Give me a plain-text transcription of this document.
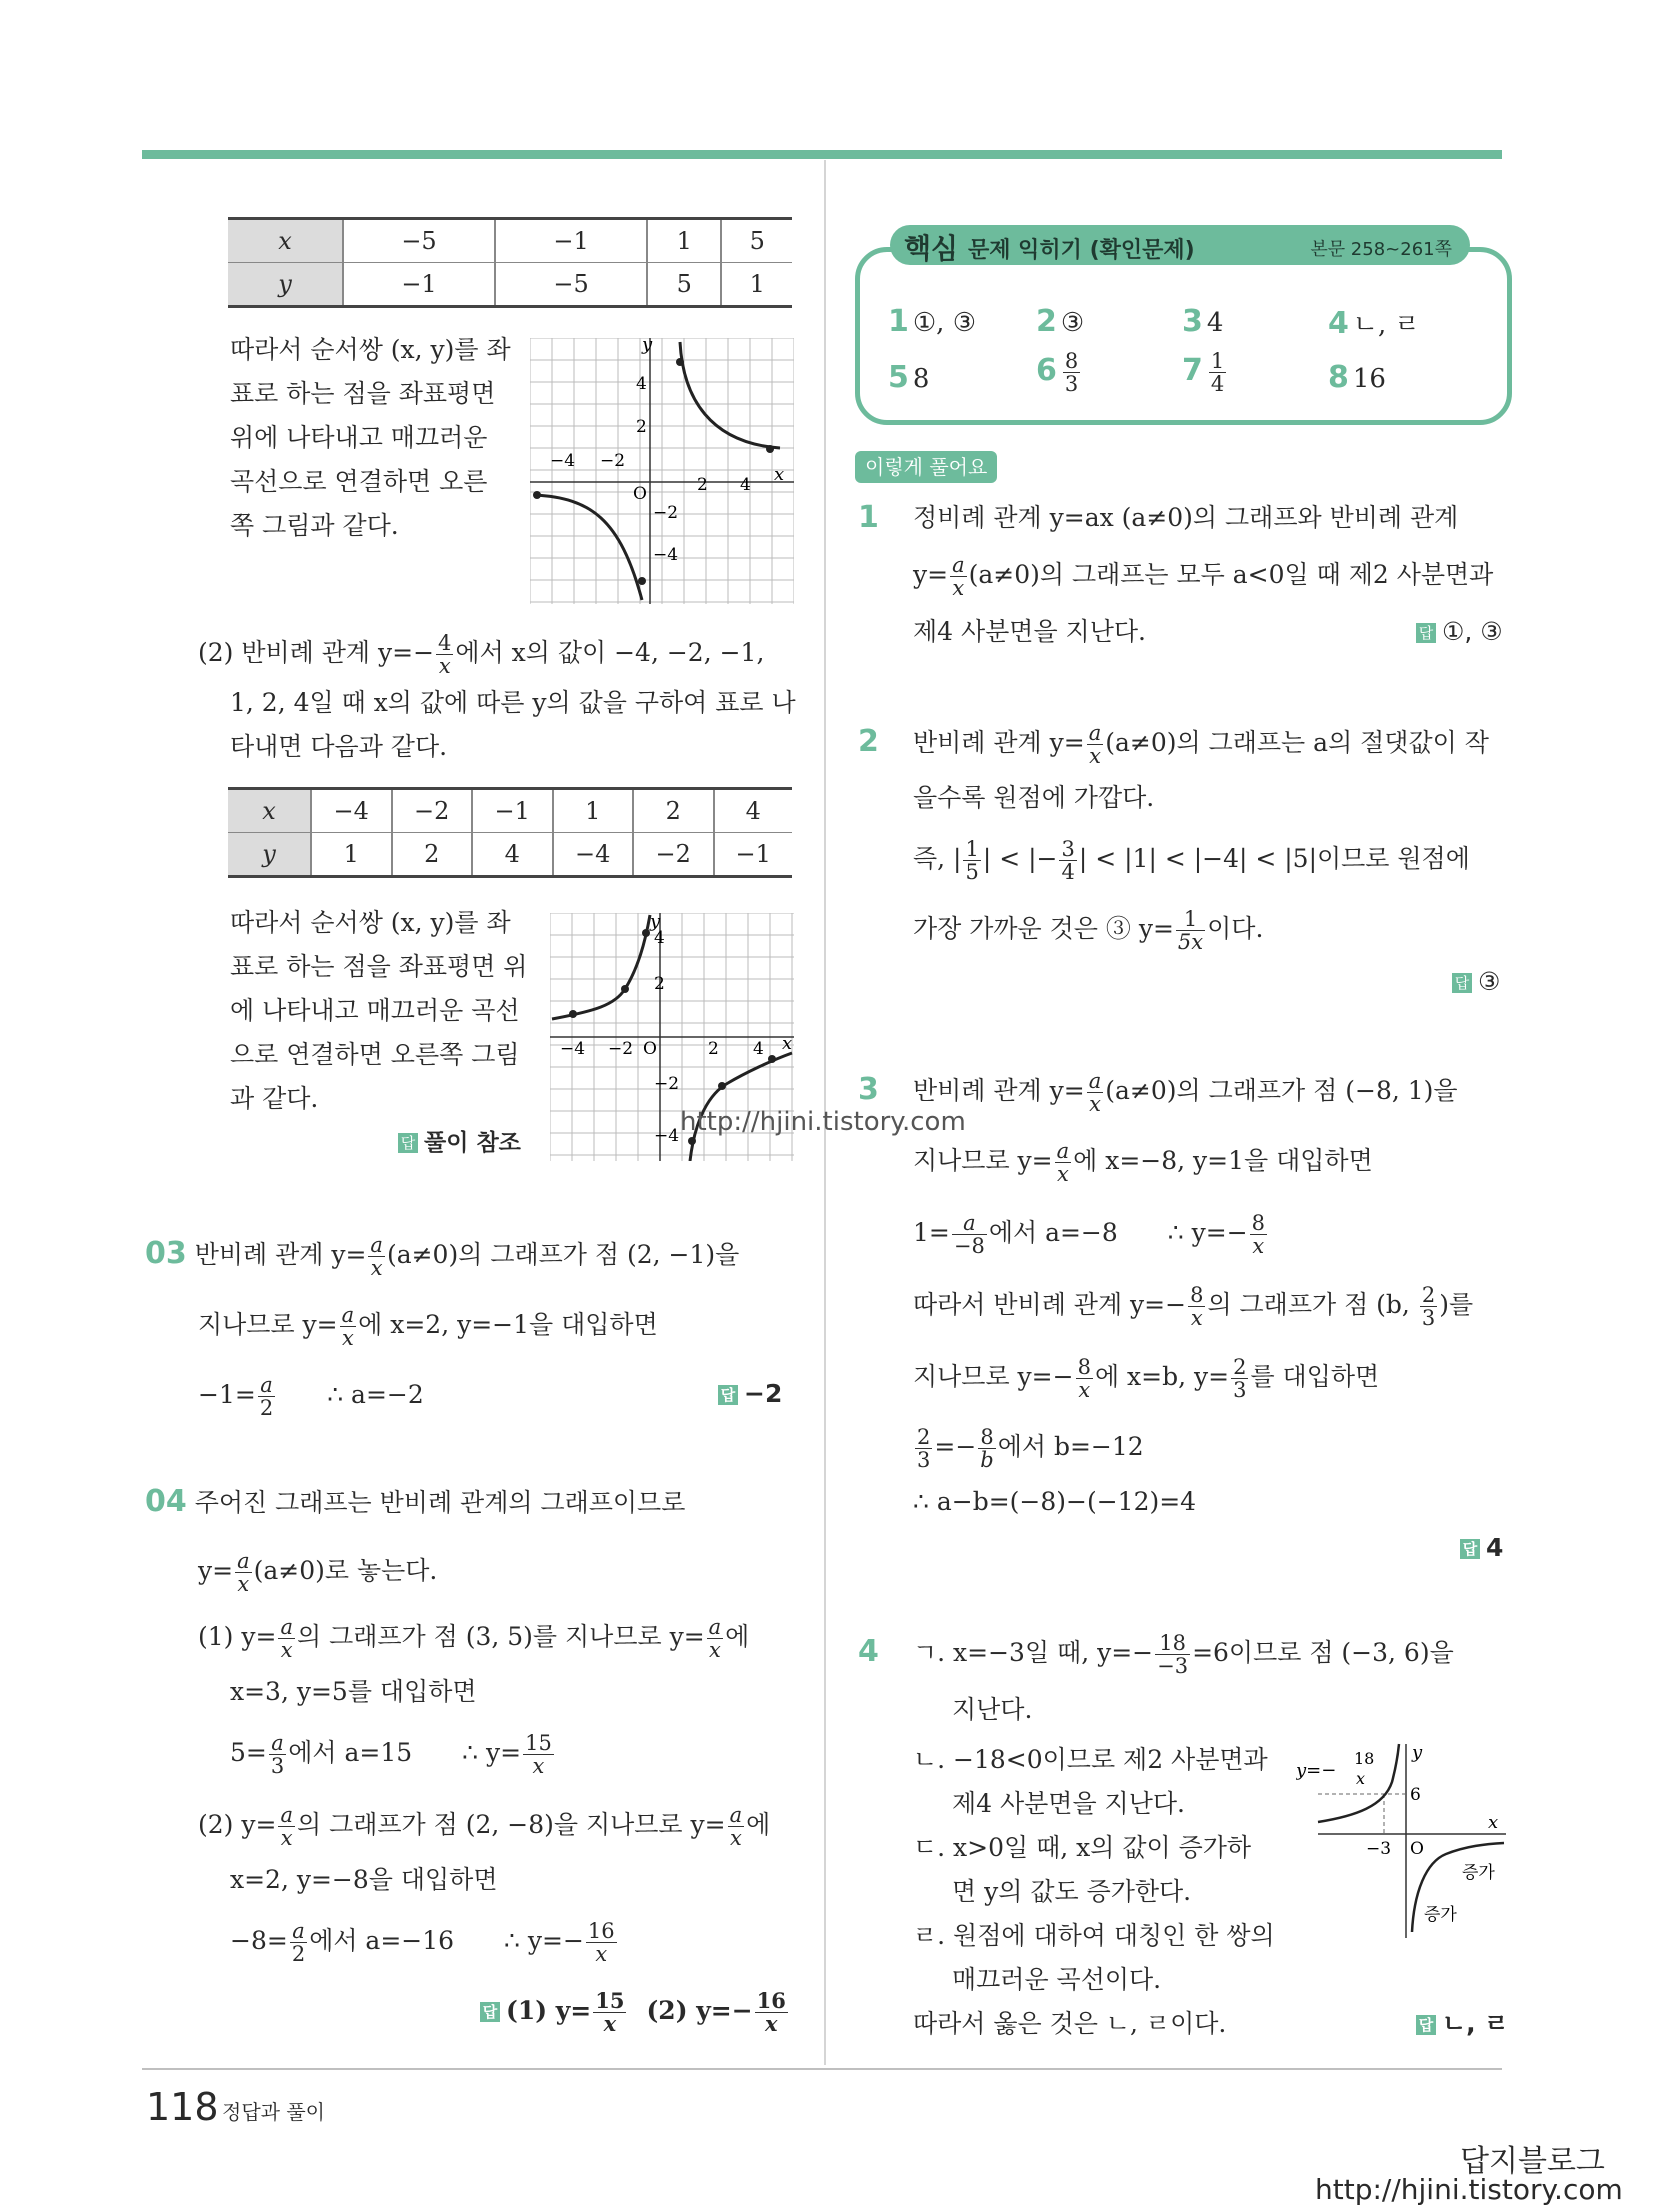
x	−5	−1	1	5
y	−1	−5	5	1
따라서 순서쌍 (x, y)를 좌
표로 하는 점을 좌표평면
위에 나타내고 매끄러운
곡선으로 연결하면 오른
쪽 그림과 같다.
−4 −2
2 4
4
2
−2
−4
O
x
y
(2) 반비례 관계 $y=- \frac{4}{x}$ 에서 x의 값이 −4, −2, −1,
1, 2, 4일 때 x의 값에 따른 y의 값을 구하여 표로 나
타내면 다음과 같다.
x	−4	−2	−1	1	2	4
y	1	2	4	−4	−2	−1
따라서 순서쌍 (x, y)를 좌
표로 하는 점을 좌표평면 위
에 나타내고 매끄러운 곡선
으로 연결하면 오른쪽 그림
과 같다.
답 풀이 참조
−4 −2	2 4
4
2
−2
−4
O	x
y
http://hjini.tistory.com
03 반비례 관계 $y= \frac{a}{x} (a\ne 0)$의 그래프가 점 (2, −1)을
지나므로 $y= \frac{a}{x}$ 에 x=2, y=−1을 대입하면
$-1= \frac{a}{2}$ ∴ a=−2	답 −2
04 주어진 그래프는 반비례 관계의 그래프이므로
$y= \frac{a}{x} (a\ne 0)$로 놓는다.
(1) $y= \frac{a}{x}$ 의 그래프가 점 (3, 5)를 지나므로 $y= \frac{a}{x}$ 에
x=3, y=5를 대입하면
$5= \frac{a}{3}$ 에서 a=15 ∴ $y= \frac{15}{x}$
(2) $y= \frac{a}{x}$ 의 그래프가 점 (2, −8)을 지나므로 $y= \frac{a}{x}$ 에
x=2, y=−8을 대입하면
$-8= \frac{a}{2}$ 에서 a=−16 ∴ $y=- \frac{16}{x}$
답 (1) $y= \frac{15}{x} (2)$ $y=- \frac{16}{x}$
핵심 문제 익히기 (확인문제)	본문 258~261쪽
1 ①, ③ 2 ③	3 4	4 ㄴ, ㄹ
5 8	$6 \frac{8}{3}$	$7 \frac{1}{4}$	8 16
이렇게 풀어요
1 정비례 관계 y=ax (a≠0)의 그래프와 반비례 관계
$y= \frac{a}{x} (a\ne 0)$의 그래프는 모두 a<0일 때 제2 사분면과
제4 사분면을 지난다.	답 ①, ③
2 반비례 관계 $y= \frac{a}{x} (a\ne 0)$의 그래프는 a의 절댓값이 작
을수록 원점에 가깝다.
즉, | $\frac{1}{5}$ | < |− $\frac{3}{4}$ | < |1| < |−4| < |5|이므로 원점에
가장 가까운 것은 ③ $y= \frac{1}{5x}$ 이다.
답 ③
3 반비례 관계 $y= \frac{a}{x} (a\ne 0)$의 그래프가 점 (−8, 1)을
지나므로 $y= \frac{a}{x}$ 에 x=−8, y=1을 대입하면
$1= \frac{a}{-8}$ 에서 a=−8 ∴ $y=- \frac{8}{x}$
따라서 반비례 관계 $y=- \frac{8}{x}$ 의 그래프가 점 (b, $\frac{2}{3}$ )를
지나므로 $y=- \frac{8}{x}$ 에 x=b, $y= \frac{2}{3}$ 를 대입하면
$\frac{2}{3} =- \frac{8}{b}$ 에서 b=−12
∴ a−b=(−8)−(−12)=4
답 4
4 ㄱ. x=−3일 때, $y=- \frac{18}{-3} =6$이므로 점 (−3, 6)을
지난다.
ㄴ. −18<0이므로 제2 사분면과
제4 사분면을 지난다.
ㄷ. x>0일 때, x의 값이 증가하
면 y의 값도 증가한다.
ㄹ. 원점에 대하여 대칭인 한 쌍의
매끄러운 곡선이다.
따라서 옳은 것은 ㄴ, ㄹ이다.	답 ㄴ, ㄹ
y=−
18
x
6
−3 O
x
y
증가
증가
118 정답과 풀이
답지블로그
http://hjini.tistory.com
